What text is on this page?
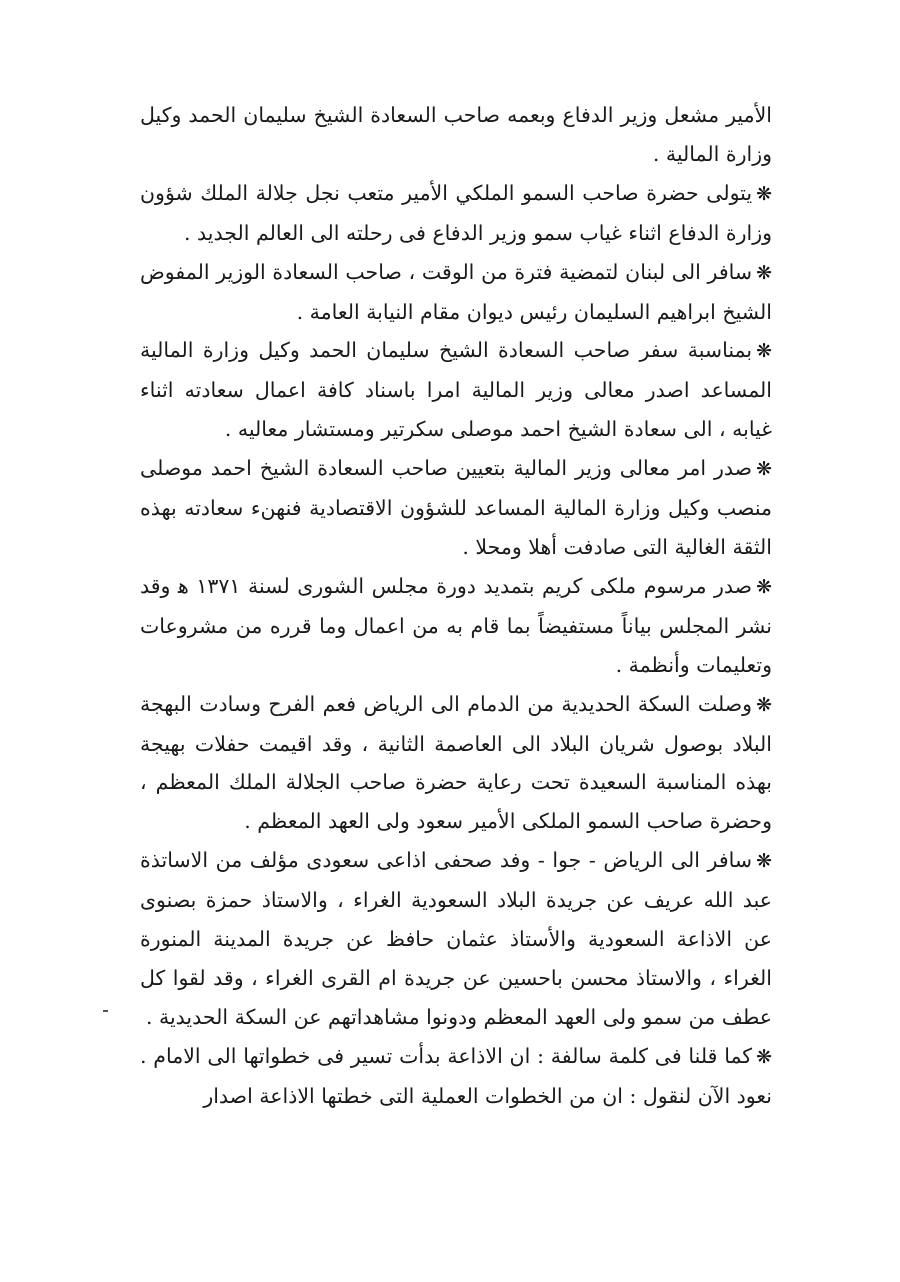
الأمير مشعل وزير الدفاع وبعمه صاحب السعادة الشيخ سليمان الحمد وكيل وزارة المالية .

❋يتولى حضرة صاحب السمو الملكي الأمير متعب نجل جلالة الملك شؤون وزارة الدفاع اثناء غياب سمو وزير الدفاع فى رحلته الى العالم الجديد .

❋سافر الى لبنان لتمضية فترة من الوقت ، صاحب السعادة الوزير المفوض الشيخ ابراهيم السليمان رئيس ديوان مقام النيابة العامة .

❋بمناسبة سفر صاحب السعادة الشيخ سليمان الحمد وكيل وزارة المالية المساعد اصدر معالى وزير المالية امرا باسناد كافة اعمال سعادته اثناء غيابه ، الى سعادة الشيخ احمد موصلى سكرتير ومستشار معاليه .

❋صدر امر معالى وزير المالية بتعيين صاحب السعادة الشيخ احمد موصلى منصب وكيل وزارة المالية المساعد للشؤون الاقتصادية فنهنء سعادته بهذه الثقة الغالية التى صادفت أهلا ومحلا .

❋صدر مرسوم ملكى كريم بتمديد دورة مجلس الشورى لسنة ١٣٧١ ﻫ وقد نشر المجلس بياناً مستفيضاً بما قام به من اعمال وما قرره من مشروعات وتعليمات وأنظمة .

❋وصلت السكة الحديدية من الدمام الى الرياض فعم الفرح وسادت البهجة البلاد بوصول شريان البلاد الى العاصمة الثانية ، وقد اقيمت حفلات بهيجة بهذه المناسبة السعيدة تحت رعاية حضرة صاحب الجلالة الملك المعظم ، وحضرة صاحب السمو الملكى الأمير سعود ولى العهد المعظم .

❋سافر الى الرياض - جوا - وفد صحفى اذاعى سعودى مؤلف من الاساتذة عبد الله عريف عن جريدة البلاد السعودية الغراء ، والاستاذ حمزة بصنوى عن الاذاعة السعودية والأستاذ عثمان حافظ عن جريدة المدينة المنورة الغراء ، والاستاذ محسن باحسين عن جريدة ام القرى الغراء ، وقد لقوا كل عطف من سمو ولى العهد المعظم ودونوا مشاهداتهم عن السكة الحديدية .

❋كما قلنا فى كلمة سالفة : ان الاذاعة بدأت تسير فى خطواتها الى الامام . نعود الآن لنقول : ان من الخطوات العملية التى خطتها الاذاعة اصدار
